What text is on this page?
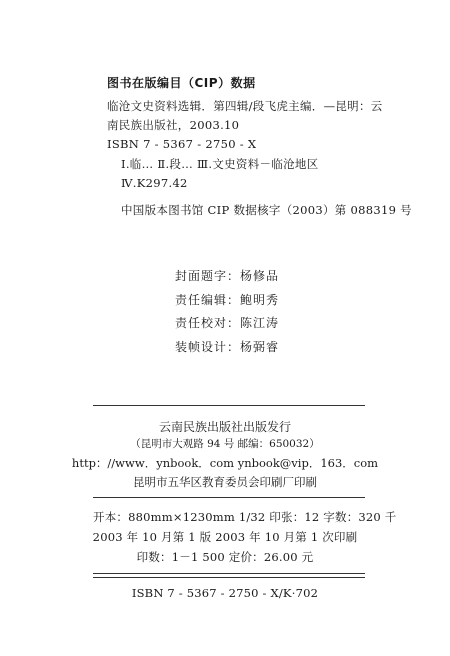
图书在版编目（CIP）数据
临沧文史资料选辑．第四辑/段飞虎主编．—昆明：云
南民族出版社，2003.10
ISBN 7 - 5367 - 2750 - X
Ⅰ.临… Ⅱ.段… Ⅲ.文史资料－临沧地区
Ⅳ.K297.42
中国版本图书馆 CIP 数据核字（2003）第 088319 号
封面题字：杨修品
责任编辑：鲍明秀
责任校对：陈江涛
装帧设计：杨弼睿
云南民族出版社出版发行
（昆明市大观路 94 号 邮编：650032）
http：//www．ynbook．com ynbook@vip．163．com
昆明市五华区教育委员会印刷厂印刷
开本：880mm×1230mm 1/32 印张：12 字数：320 千
2003 年 10 月第 1 版 2003 年 10 月第 1 次印刷
印数：1－1 500 定价：26.00 元
ISBN 7 - 5367 - 2750 - X/K·702
